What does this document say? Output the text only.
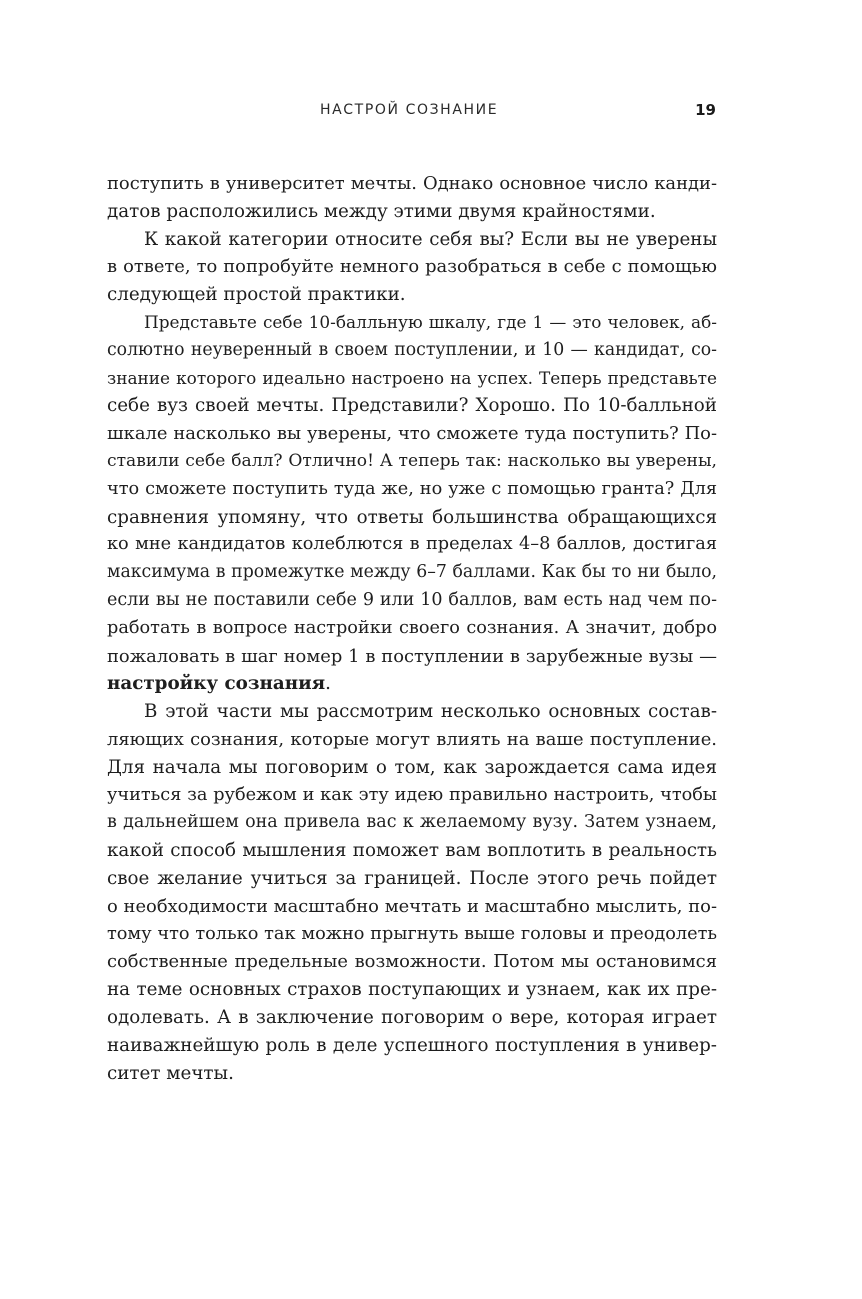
НАСТРОЙ СОЗНАНИЕ	19
поступить в университет мечты. Однако основное число канди-
датов расположились между этими двумя крайностями.
К какой категории относите себя вы? Если вы не уверены
в ответе, то попробуйте немного разобраться в себе с помощью
следующей простой практики.
Представьте себе 10-балльную шкалу, где 1 — это человек, аб-
солютно неуверенный в своем поступлении, и 10 — кандидат, со-
знание которого идеально настроено на успех. Теперь представьте
себе вуз своей мечты. Представили? Хорошо. По 10-балльной
шкале насколько вы уверены, что сможете туда поступить? По-
ставили себе балл? Отлично! А теперь так: насколько вы уверены,
что сможете поступить туда же, но уже с помощью гранта? Для
сравнения упомяну, что ответы большинства обращающихся
ко мне кандидатов колеблются в пределах 4–8 баллов, достигая
максимума в промежутке между 6–7 баллами. Как бы то ни было,
если вы не поставили себе 9 или 10 баллов, вам есть над чем по-
работать в вопросе настройки своего сознания. А значит, добро
пожаловать в шаг номер 1 в поступлении в зарубежные вузы —
настройку сознания.
В этой части мы рассмотрим несколько основных состав-
ляющих сознания, которые могут влиять на ваше поступление.
Для начала мы поговорим о том, как зарождается сама идея
учиться за рубежом и как эту идею правильно настроить, чтобы
в дальнейшем она привела вас к желаемому вузу. Затем узнаем,
какой способ мышления поможет вам воплотить в реальность
свое желание учиться за границей. После этого речь пойдет
о необходимости масштабно мечтать и масштабно мыслить, по-
тому что только так можно прыгнуть выше головы и преодолеть
собственные предельные возможности. Потом мы остановимся
на теме основных страхов поступающих и узнаем, как их пре-
одолевать. А в заключение поговорим о вере, которая играет
наиважнейшую роль в деле успешного поступления в универ-
ситет мечты.
